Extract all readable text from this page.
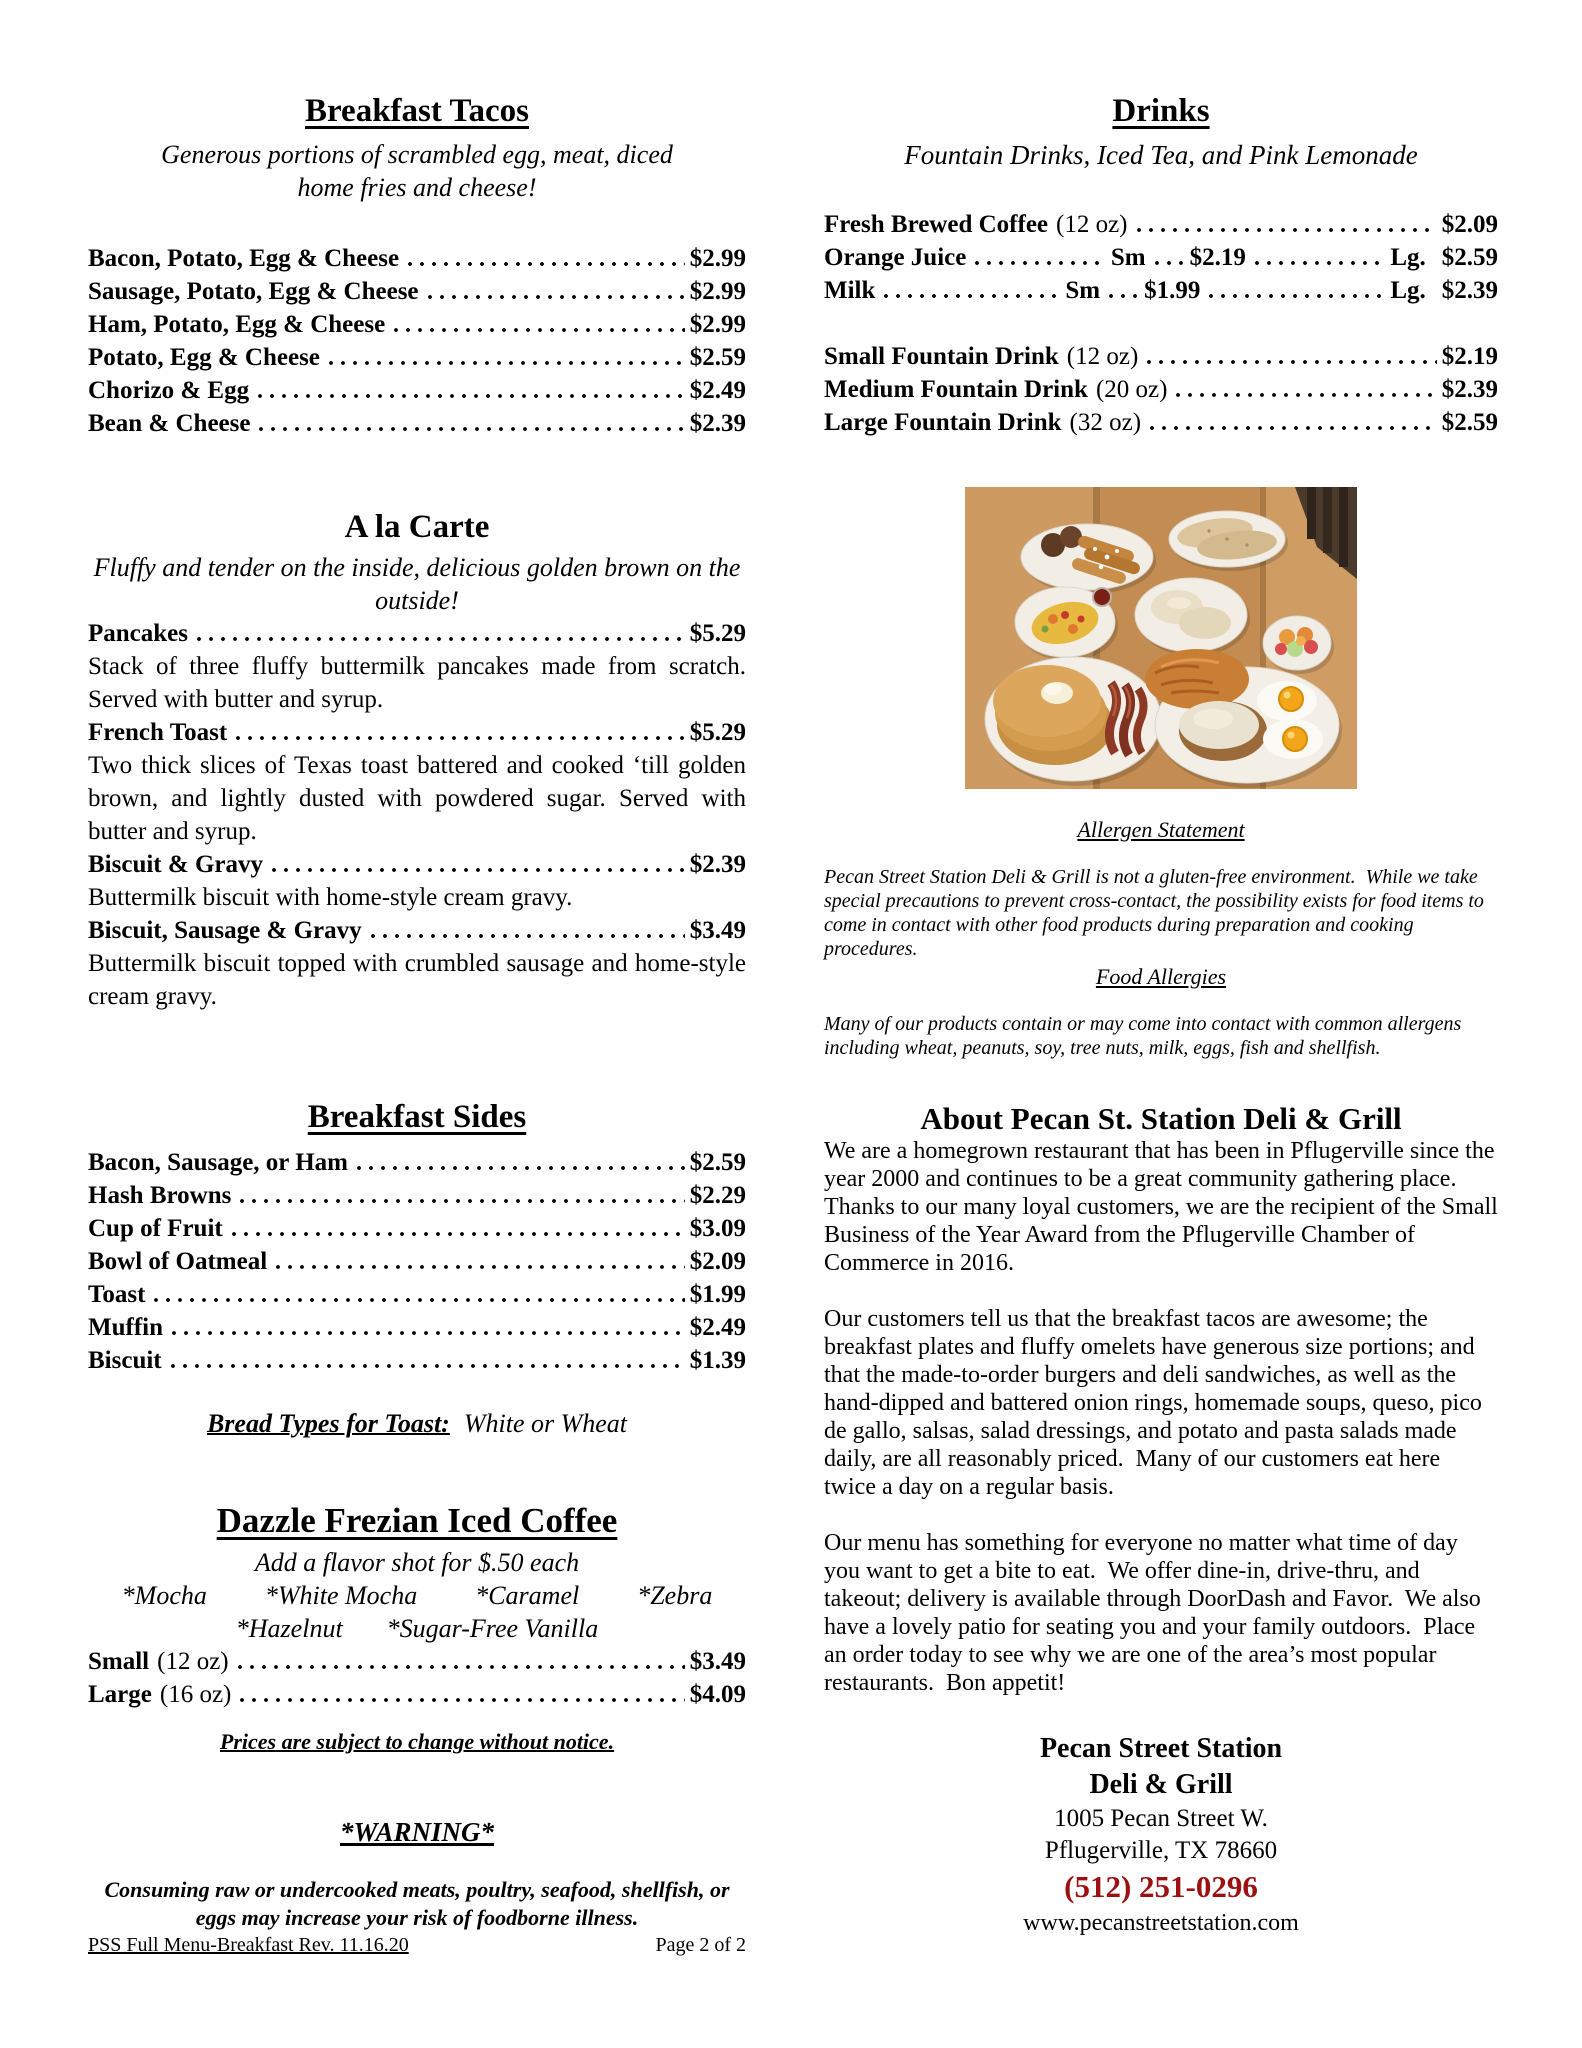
Breakfast Tacos

Generous portions of scrambled egg, meat, diced home fries and cheese!

Bacon, Potato, Egg & Cheese	$2.99
Sausage, Potato, Egg & Cheese	$2.99
Ham, Potato, Egg & Cheese	$2.99
Potato, Egg & Cheese	$2.59
Chorizo & Egg	$2.49
Bean & Cheese	$2.39
A la Carte

Fluffy and tender on the inside, delicious golden brown on the outside!

Pancakes	$5.29

Stack of three fluffy buttermilk pancakes made from scratch.  Served with butter and syrup.

French Toast	$5.29

Two thick slices of Texas toast battered and cooked ‘till golden brown, and lightly dusted with powdered sugar. Served with butter and syrup.

Biscuit & Gravy	$2.39

Buttermilk biscuit with home-style cream gravy.

Biscuit, Sausage & Gravy	$3.49

Buttermilk biscuit topped with crumbled sausage and home-style cream gravy.

Breakfast Sides
Bacon, Sausage, or Ham	$2.59
Hash Browns	$2.29
Cup of Fruit	$3.09
Bowl of Oatmeal	$2.09
Toast	$1.99
Muffin	$2.49
Biscuit	$1.39
Bread Types for Toast: White or Wheat
Dazzle Frezian Iced Coffee

Add a flavor shot for $.50 each

*Mocha *White Mocha *Caramel *Zebra
*Hazelnut *Sugar-Free Vanilla
Small (12 oz)	$3.49
Large (16 oz)	$4.09

Prices are subject to change without notice.

*WARNING*

Consuming raw or undercooked meats, poultry, seafood, shellfish, or eggs may increase your risk of foodborne illness.

Drinks

Fountain Drinks, Iced Tea, and Pink Lemonade

Fresh Brewed Coffee (12 oz)	$2.09
Orange Juice	Sm $2.19	Lg. $2.59
Milk	Sm $1.99	Lg. $2.39
Small Fountain Drink (12 oz)	$2.19
Medium Fountain Drink (20 oz)	$2.39
Large Fountain Drink (32 oz)	$2.59

Allergen Statement

Pecan Street Station Deli & Grill is not a gluten-free environment.  While we take special precautions to prevent cross-contact, the possibility exists for food items to come in contact with other food products during preparation and cooking procedures.

Food Allergies

Many of our products contain or may come into contact with common allergens including wheat, peanuts, soy, tree nuts, milk, eggs, fish and shellfish.

About Pecan St. Station Deli & Grill

We are a homegrown restaurant that has been in Pflugerville since the year 2000 and continues to be a great community gathering place.  Thanks to our many loyal customers, we are the recipient of the Small Business of the Year Award from the Pflugerville Chamber of Commerce in 2016.

Our customers tell us that the breakfast tacos are awesome; the breakfast plates and fluffy omelets have generous size portions; and that the made-to-order burgers and deli sandwiches, as well as the hand-dipped and battered onion rings, homemade soups, queso, pico de gallo, salsas, salad dressings, and potato and pasta salads made daily, are all reasonably priced.  Many of our customers eat here twice a day on a regular basis.

Our menu has something for everyone no matter what time of day you want to get a bite to eat.  We offer dine-in, drive-thru, and takeout; delivery is available through DoorDash and Favor.  We also have a lovely patio for seating you and your family outdoors.  Place an order today to see why we are one of the area’s most popular restaurants.  Bon appetit!

Pecan Street Station
Deli & Grill
1005 Pecan Street W.
Pflugerville, TX 78660
(512) 251-0296
www.pecanstreetstation.com
PSS Full Menu-Breakfast Rev. 11.16.20	Page 2 of 2
